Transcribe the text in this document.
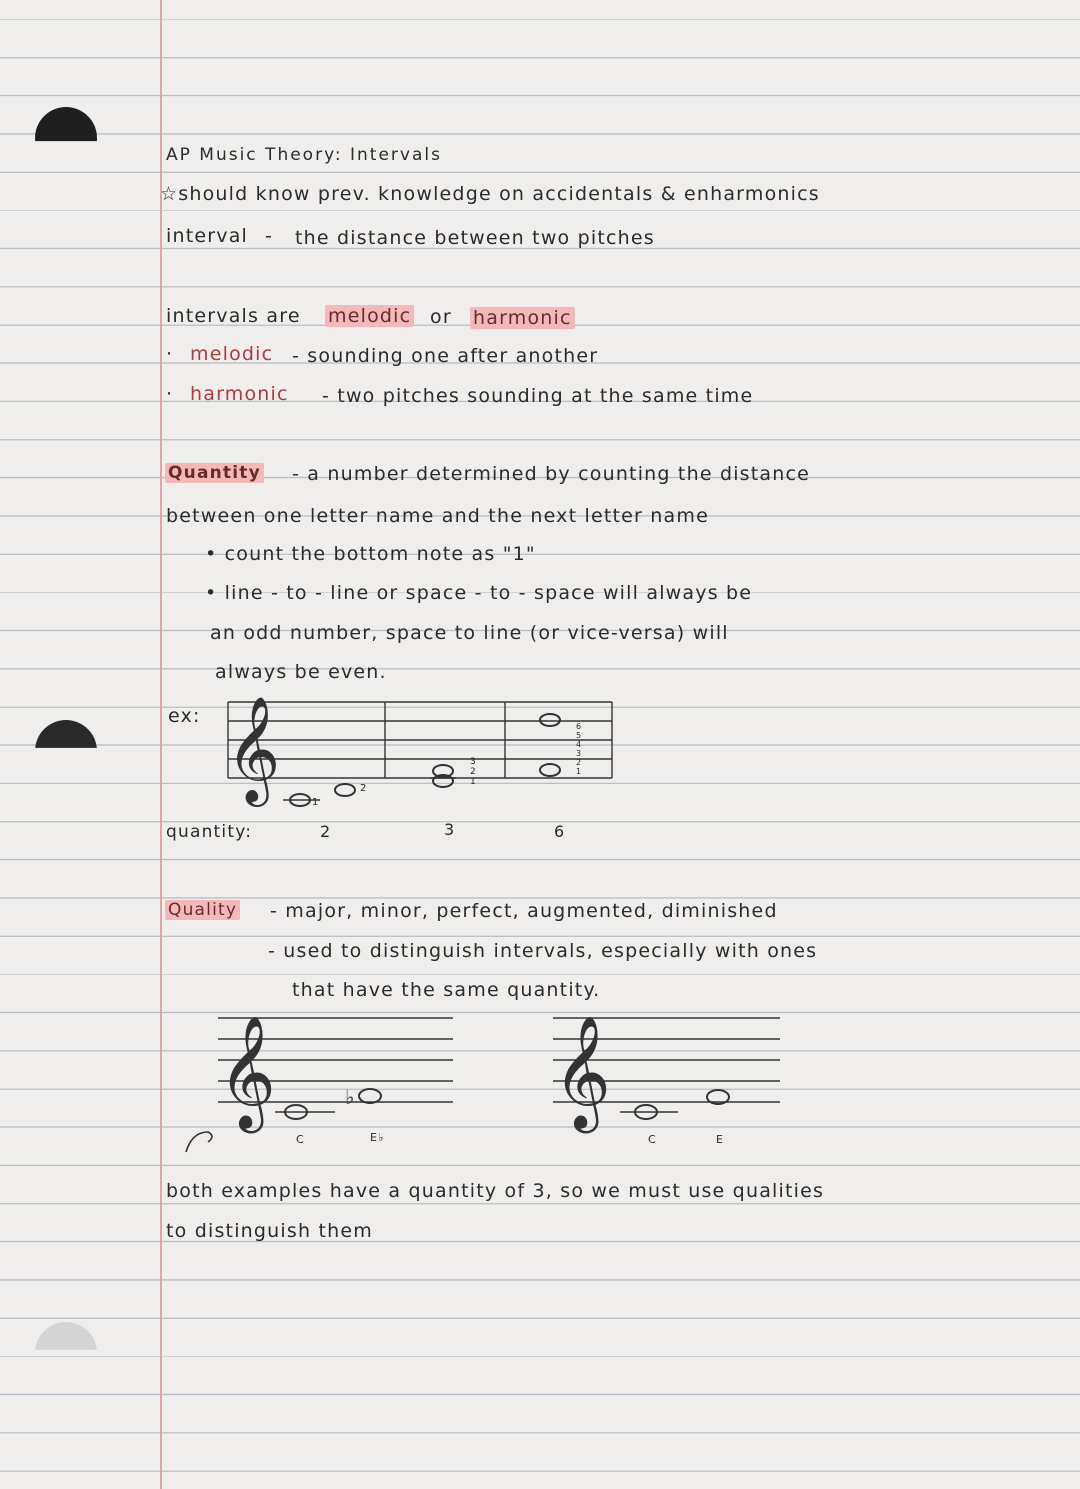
AP Music Theory: Intervals
☆should know prev. knowledge on accidentals & enharmonics
interval - the distance between two pitches
intervals are melodic or harmonic
· melodic - sounding one after another
· harmonic - two pitches sounding at the same time
Quantity - a number determined by counting the distance
between one letter name and the next letter name
• count the bottom note as "1"
• line - to - line or space - to - space will always be
an odd number, space to line (or vice-versa) will
always be even.
ex: 𝄞
1
2
1
2
3
1
2
3
4
5
6
quantity:	2	3	6
Quality - major, minor, perfect, augmented, diminished
- used to distinguish intervals, especially with ones
that have the same quantity.
𝄞	𝄞
♭
C	E♭	C	E
both examples have a quantity of 3, so we must use qualities
to distinguish them
